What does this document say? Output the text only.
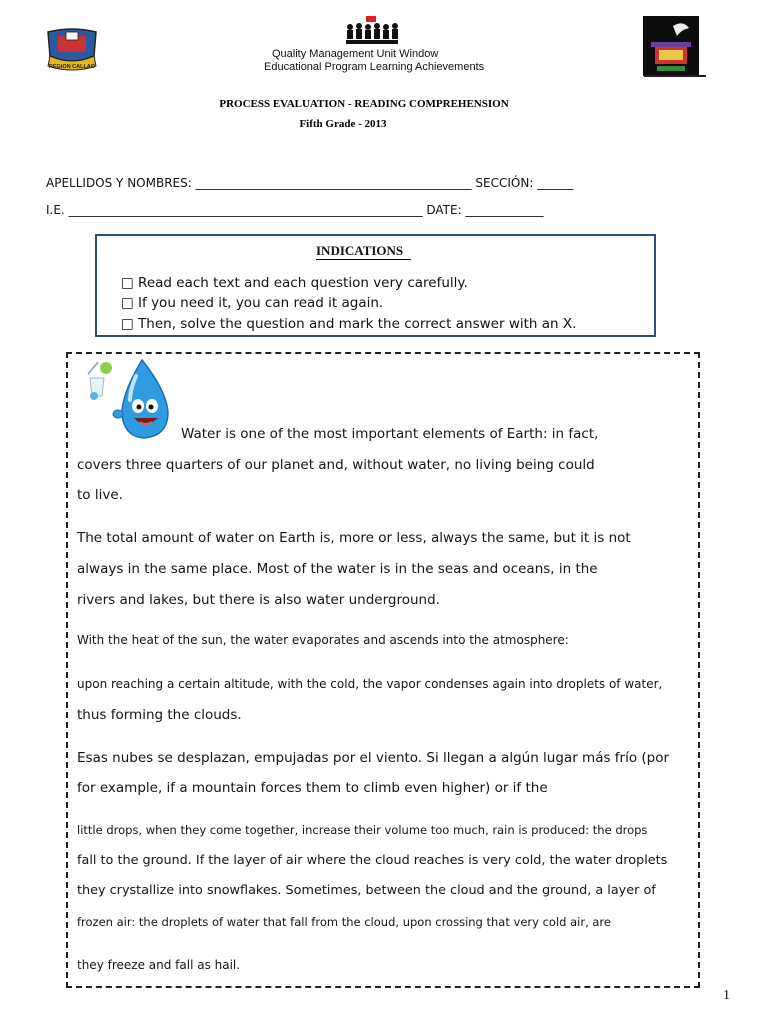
REGION CALLAO
Quality Management Unit Window
Educational Program Learning Achievements
PROCESS EVALUATION - READING COMPREHENSION
Fifth Grade - 2013
APELLIDOS Y NOMBRES: ______________________________________________ SECCIÓN: ______
I.E. ___________________________________________________________ DATE: _____________
INDICATIONS
□ Read each text and each question very carefully.
□ If you need it, you can read it again.
□ Then, solve the question and mark the correct answer with an X.
Water is one of the most important elements of Earth: in fact,
covers three quarters of our planet and, without water, no living being could
to live.
The total amount of water on Earth is, more or less, always the same, but it is not
always in the same place. Most of the water is in the seas and oceans, in the
rivers and lakes, but there is also water underground.
With the heat of the sun, the water evaporates and ascends into the atmosphere:
upon reaching a certain altitude, with the cold, the vapor condenses again into droplets of water,
thus forming the clouds.
Esas nubes se desplazan, empujadas por el viento. Si llegan a algún lugar más frío (por
for example, if a mountain forces them to climb even higher) or if the
little drops, when they come together, increase their volume too much, rain is produced: the drops
fall to the ground. If the layer of air where the cloud reaches is very cold, the water droplets
they crystallize into snowflakes. Sometimes, between the cloud and the ground, a layer of
frozen air: the droplets of water that fall from the cloud, upon crossing that very cold air, are
they freeze and fall as hail.
1
